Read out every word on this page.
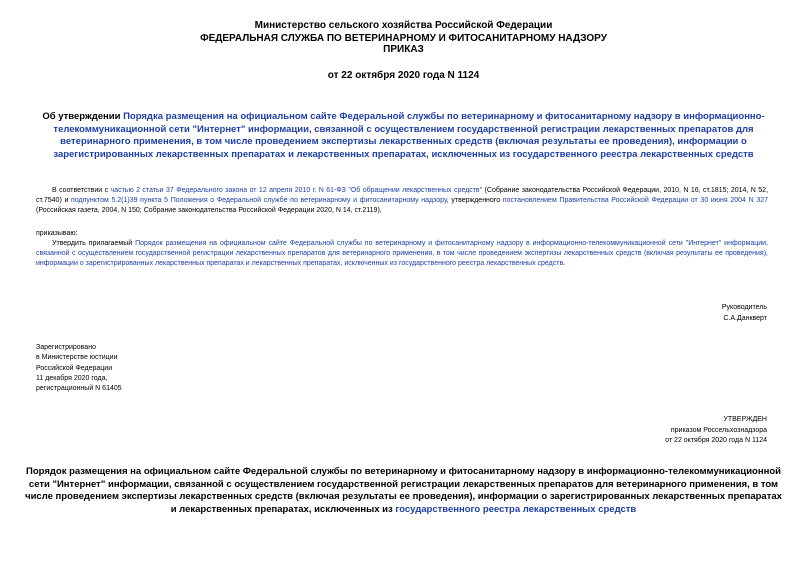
Министерство сельского хозяйства Российской Федерации
ФЕДЕРАЛЬНАЯ СЛУЖБА ПО ВЕТЕРИНАРНОМУ И ФИТОСАНИТАРНОМУ НАДЗОРУ
ПРИКАЗ
от 22 октября 2020 года N 1124
Об утверждении Порядка размещения на официальном сайте Федеральной службы по ветеринарному и фитосанитарному надзору в информационно-телекоммуникационной сети "Интернет" информации, связанной с осуществлением государственной регистрации лекарственных препаратов для ветеринарного применения, в том числе проведением экспертизы лекарственных средств (включая результаты ее проведения), информации о зарегистрированных лекарственных препаратах и лекарственных препаратах, исключенных из государственного реестра лекарственных средств
В соответствии с частью 2 статьи 37 Федерального закона от 12 апреля 2010 г. N 61-ФЗ "Об обращении лекарственных средств" (Собрание законодательства Российской Федерации, 2010, N 16, ст.1815; 2014, N 52, ст.7540) и подпунктом 5.2(1)39 пункта 5 Положения о Федеральной службе по ветеринарному и фитосанитарному надзору, утвержденного постановлением Правительства Российской Федерации от 30 июня 2004 N 327 (Российская газета, 2004, N 150; Собрание законодательства Российской Федерации 2020, N 14, ст.2119),
приказываю:
Утвердить прилагаемый Порядок размещения на официальном сайте Федеральной службы по ветеринарному и фитосанитарному надзору в информационно-телекоммуникационной сети "Интернет" информации, связанной с осуществлением государственной регистрации лекарственных препаратов для ветеринарного применения, в том числе проведением экспертизы лекарственных средств (включая результаты ее проведения), информации о зарегистрированных лекарственных препаратах и лекарственных препаратах, исключенных из государственного реестра лекарственных средств.
Руководитель
С.А.Данкверт
Зарегистрировано
в Министерстве юстиции
Российской Федерации
11 декабря 2020 года,
регистрационный N 61405
УТВЕРЖДЕН
приказом Россельхознадзора
от 22 октября 2020 года N 1124
Порядок размещения на официальном сайте Федеральной службы по ветеринарному и фитосанитарному надзору в информационно-телекоммуникационной сети "Интернет" информации, связанной с осуществлением государственной регистрации лекарственных препаратов для ветеринарного применения, в том числе проведением экспертизы лекарственных средств (включая результаты ее проведения), информации о зарегистрированных лекарственных препаратах и лекарственных препаратах, исключенных из государственного реестра лекарственных средств
